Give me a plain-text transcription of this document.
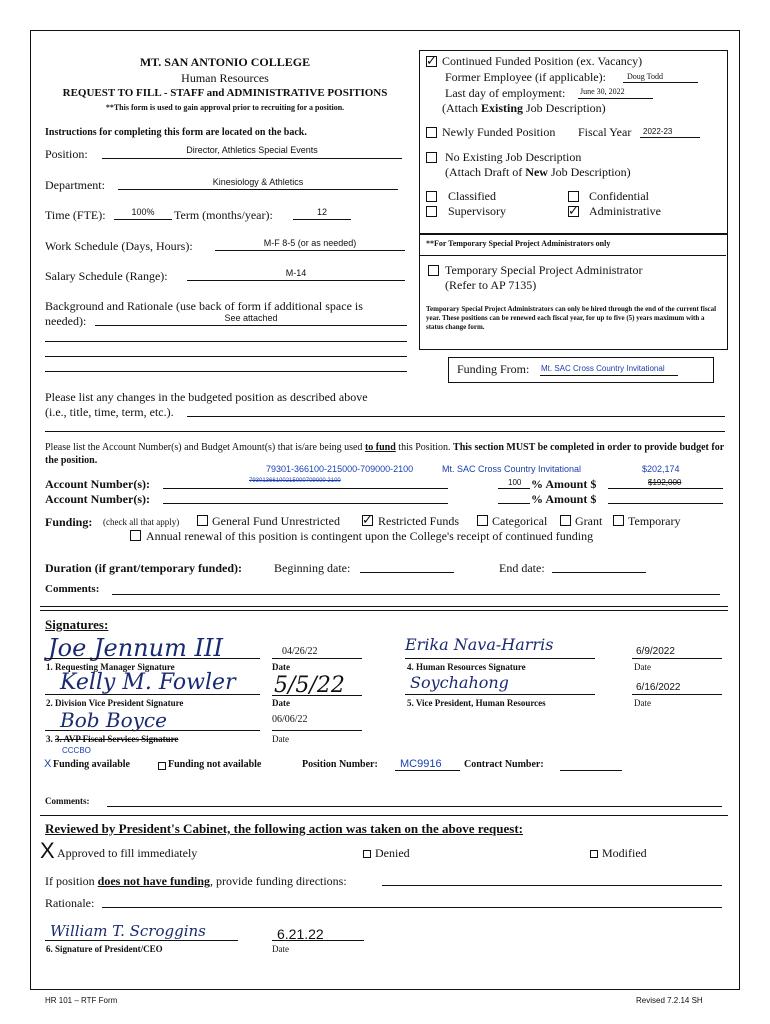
MT. SAN ANTONIO COLLEGE
Human Resources
REQUEST TO FILL - STAFF and ADMINISTRATIVE POSITIONS
**This form is used to gain approval prior to recruiting for a position.
Instructions for completing this form are located on the back.
Position:	Director, Athletics Special Events
Department:	Kinesiology & Athletics
Time (FTE):	100%	Term (months/year):	12
Work Schedule (Days, Hours):	M-F 8-5 (or as needed)
Salary Schedule (Range):	M-14
Background and Rationale (use back of form if additional space is
needed):	See attached
✓ Continued Funded Position (ex. Vacancy)
Former Employee (if applicable):	Doug Todd
Last day of employment: June 30, 2022
(Attach Existing Job Description)
Newly Funded Position Fiscal Year 2022-23
No Existing Job Description
(Attach Draft of New Job Description)
Classified	Confidential
Supervisory	✓ Administrative
**For Temporary Special Project Administrators only
Temporary Special Project Administrator
(Refer to AP 7135)
Temporary Special Project Administrators can only be hired through the end of the current fiscal year. These positions can be renewed each fiscal year, for up to five (5) years maximum with a status change form.
Funding From: Mt. SAC Cross Country Invitational
Please list any changes in the budgeted position as described above
(i.e., title, time, term, etc.).
Please list the Account Number(s) and Budget Amount(s) that is/are being used to fund this Position. This section MUST be completed in order to provide budget for the position.
79301-366100-215000-709000-2100	Mt. SAC Cross Country Invitational	$202,174
Account Number(s):	79301366100215000709000 2100	100 % Amount $	$192,000
Account Number(s):	% Amount $
Funding: (check all that apply)	General Fund Unrestricted ✓ Restricted Funds	Categorical Grant Temporary
Annual renewal of this position is contingent upon the College's receipt of continued funding
Duration (if grant/temporary funded):	Beginning date:	End date:
Comments:
Signatures:
Joe Jennum III
1. Requesting Manager Signature
04/26/22
Date
Erika Nava-Harris
4. Human Resources Signature
6/9/2022
Date
Kelly M. Fowler
2. Division Vice President Signature
5/5/22
Date
Soychahong
5. Vice President, Human Resources
6/16/2022
Date
Bob Boyce
3. 3. AVP Fiscal Services Signature
CCCBO
06/06/22
Date
X Funding available	Funding not available	Position Number: MC9916 Contract Number:
Comments:
Reviewed by President's Cabinet, the following action was taken on the above request:
X Approved to fill immediately	Denied	Modified
If position does not have funding, provide funding directions:
Rationale:
William T. Scroggins
6. Signature of President/CEO
6.21.22
Date
HR 101 – RTF Form	Revised 7.2.14 SH
